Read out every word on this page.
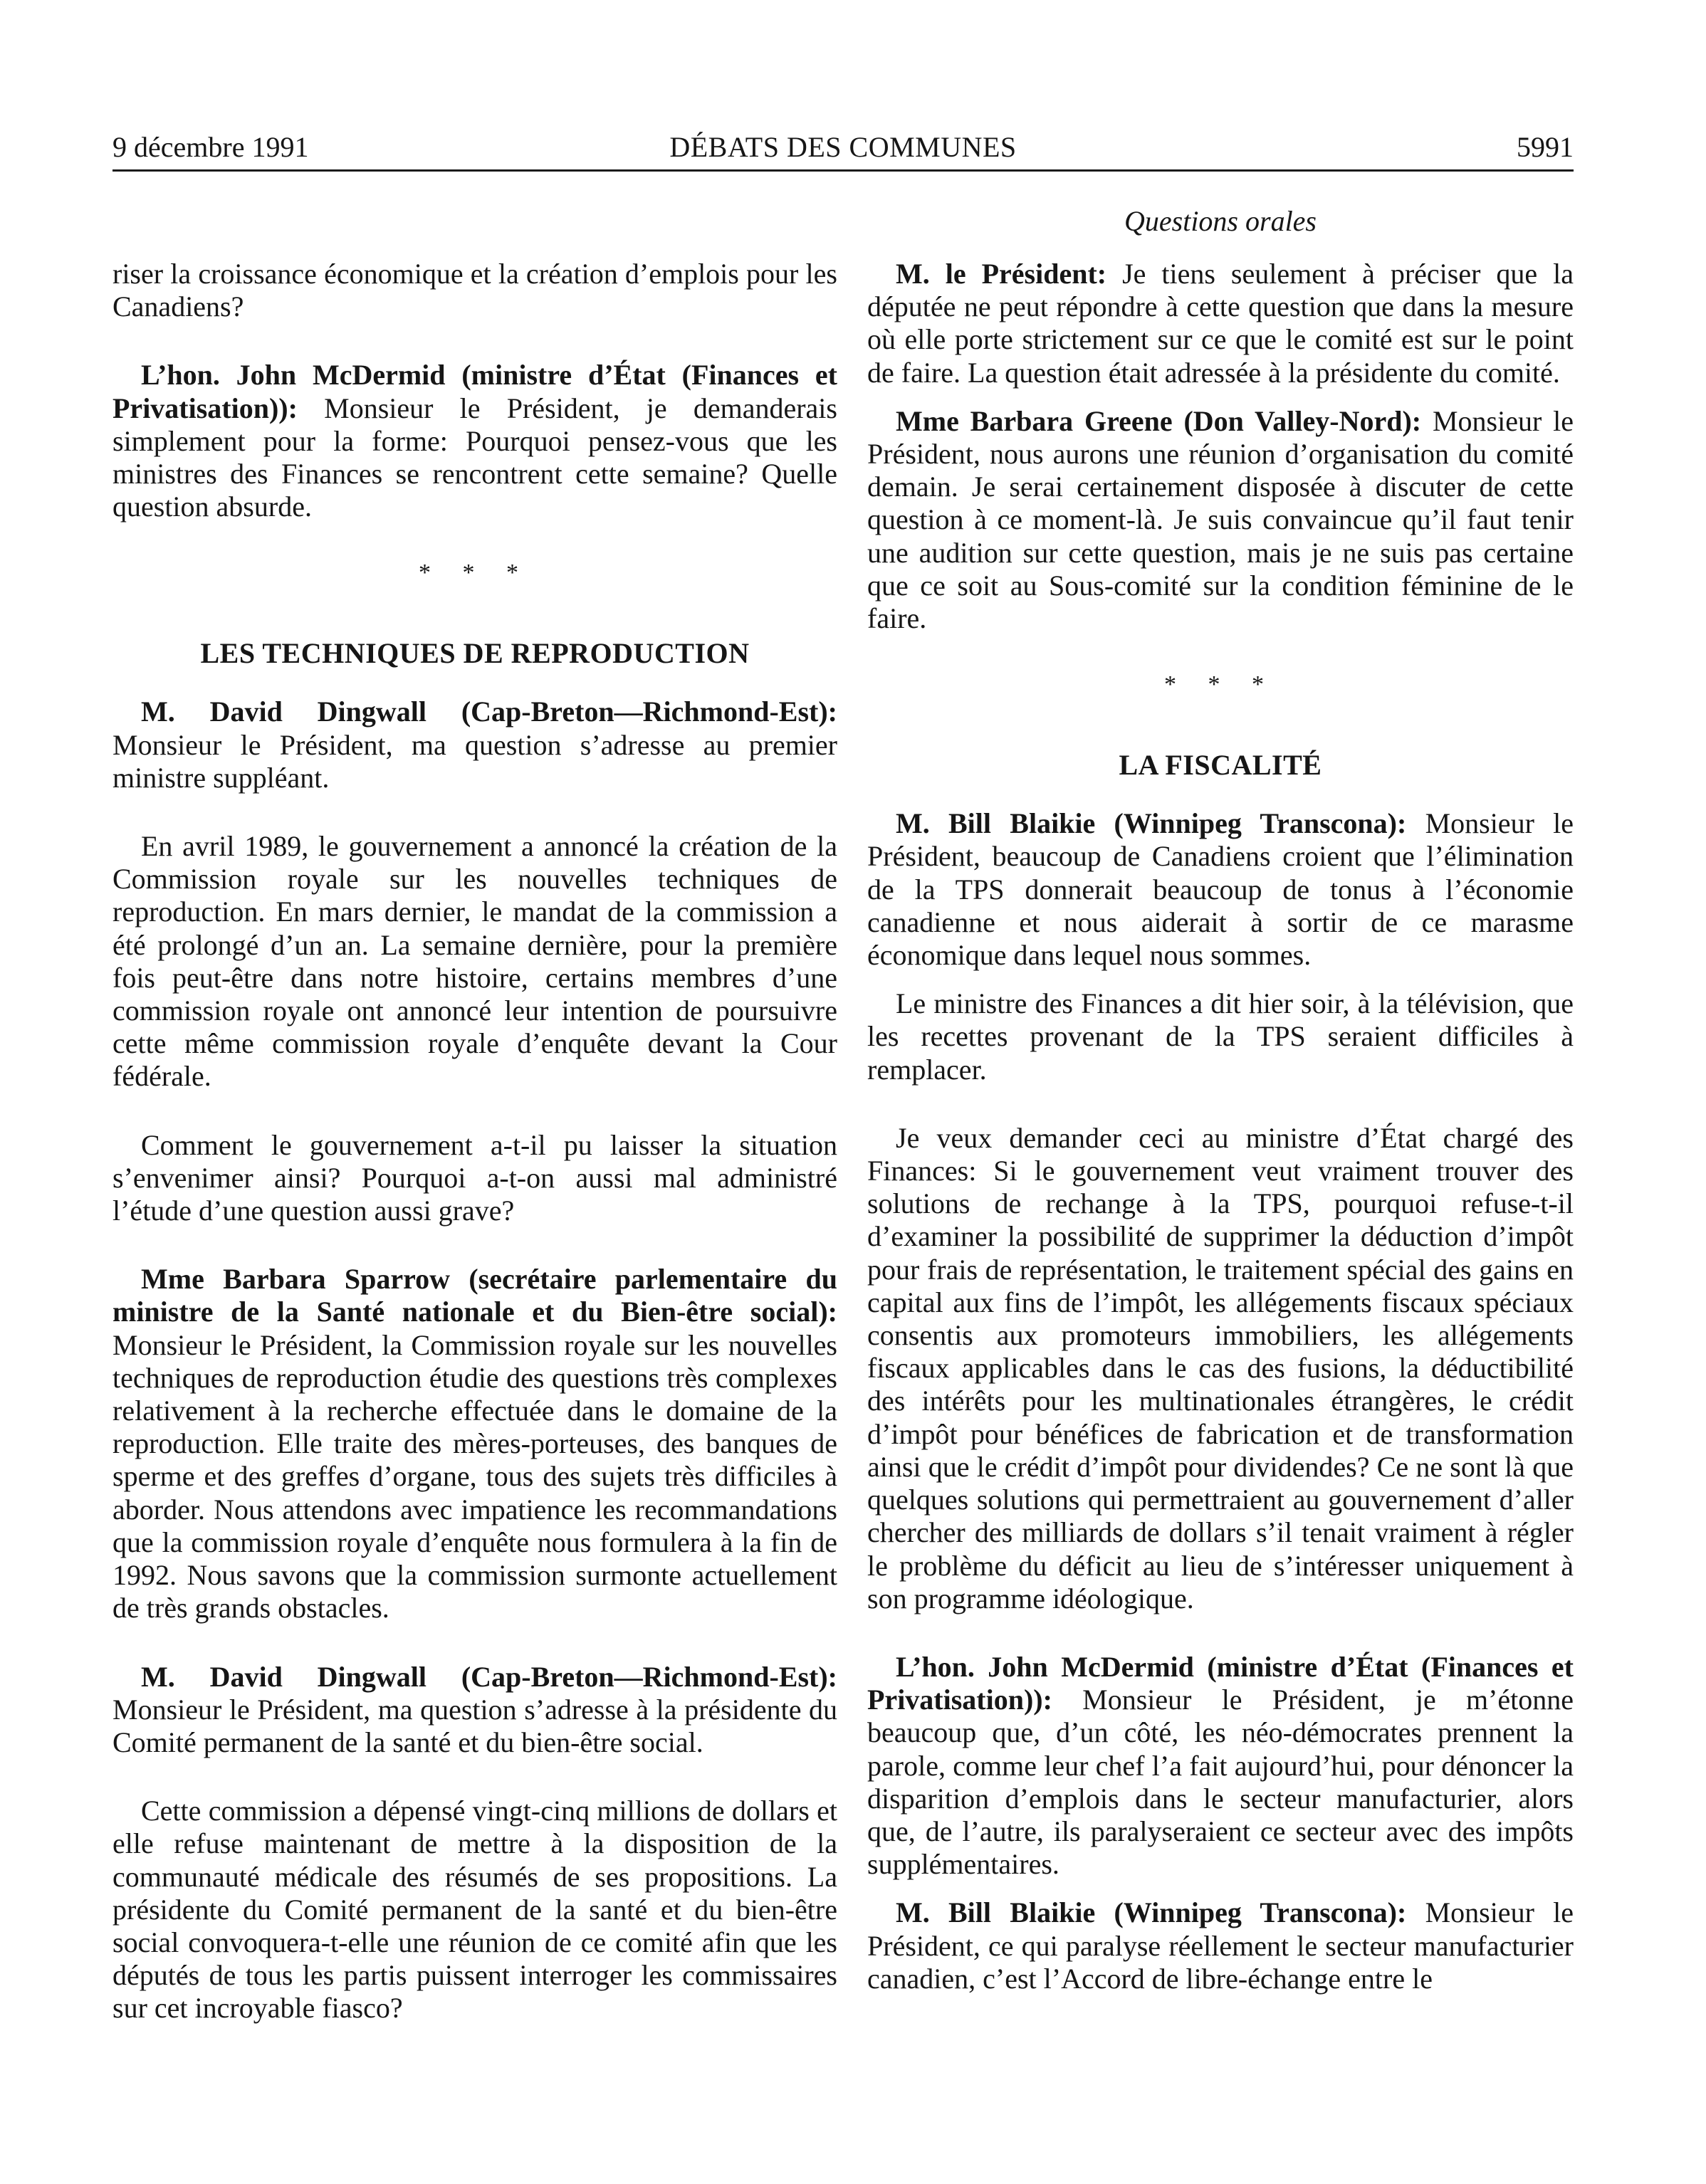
9 décembre 1991	DÉBATS DES COMMUNES	5991
Questions orales

riser la croissance économique et la création d’emplois pour les Canadiens?

L’hon. John McDermid (ministre d’État (Finances et Privatisation)): Monsieur le Président, je demanderais simplement pour la forme: Pourquoi pensez-vous que les ministres des Finances se rencontrent cette semaine? Quelle question absurde.

* * *
LES TECHNIQUES DE REPRODUCTION

M. David Dingwall (Cap-Breton—Richmond-Est): Monsieur le Président, ma question s’adresse au premier ministre suppléant.

En avril 1989, le gouvernement a annoncé la création de la Commission royale sur les nouvelles techniques de reproduction. En mars dernier, le mandat de la commission a été prolongé d’un an. La semaine dernière, pour la première fois peut-être dans notre histoire, certains membres d’une commission royale ont annoncé leur intention de poursuivre cette même commission royale d’enquête devant la Cour fédérale.

Comment le gouvernement a-t-il pu laisser la situation s’envenimer ainsi? Pourquoi a-t-on aussi mal administré l’étude d’une question aussi grave?

Mme Barbara Sparrow (secrétaire parlementaire du ministre de la Santé nationale et du Bien-être social): Monsieur le Président, la Commission royale sur les nouvelles techniques de reproduction étudie des questions très complexes relativement à la recherche effectuée dans le domaine de la reproduction. Elle traite des mères-porteuses, des banques de sperme et des greffes d’organe, tous des sujets très difficiles à aborder. Nous attendons avec impatience les recommandations que la commission royale d’enquête nous formulera à la fin de 1992. Nous savons que la commission surmonte actuellement de très grands obstacles.

M. David Dingwall (Cap-Breton—Richmond-Est): Monsieur le Président, ma question s’adresse à la présidente du Comité permanent de la santé et du bien-être social.

Cette commission a dépensé vingt-cinq millions de dollars et elle refuse maintenant de mettre à la disposition de la communauté médicale des résumés de ses propositions. La présidente du Comité permanent de la santé et du bien-être social convoquera-t-elle une réunion de ce comité afin que les députés de tous les partis puissent interroger les commissaires sur cet incroyable fiasco?

M. le Président: Je tiens seulement à préciser que la députée ne peut répondre à cette question que dans la mesure où elle porte strictement sur ce que le comité est sur le point de faire. La question était adressée à la présidente du comité.

Mme Barbara Greene (Don Valley-Nord): Monsieur le Président, nous aurons une réunion d’organisation du comité demain. Je serai certainement disposée à discuter de cette question à ce moment-là. Je suis convaincue qu’il faut tenir une audition sur cette question, mais je ne suis pas certaine que ce soit au Sous-comité sur la condition féminine de le faire.

* * *
LA FISCALITÉ

M. Bill Blaikie (Winnipeg Transcona): Monsieur le Président, beaucoup de Canadiens croient que l’élimination de la TPS donnerait beaucoup de tonus à l’économie canadienne et nous aiderait à sortir de ce marasme économique dans lequel nous sommes.

Le ministre des Finances a dit hier soir, à la télévision, que les recettes provenant de la TPS seraient difficiles à remplacer.

Je veux demander ceci au ministre d’État chargé des Finances: Si le gouvernement veut vraiment trouver des solutions de rechange à la TPS, pourquoi refuse-t-il d’examiner la possibilité de supprimer la déduction d’impôt pour frais de représentation, le traitement spécial des gains en capital aux fins de l’impôt, les allégements fiscaux spéciaux consentis aux promoteurs immobiliers, les allégements fiscaux applicables dans le cas des fusions, la déductibilité des intérêts pour les multinationales étrangères, le crédit d’impôt pour bénéfices de fabrication et de transformation ainsi que le crédit d’impôt pour dividendes? Ce ne sont là que quelques solutions qui permettraient au gouvernement d’aller chercher des milliards de dollars s’il tenait vraiment à régler le problème du déficit au lieu de s’intéresser uniquement à son programme idéologique.

L’hon. John McDermid (ministre d’État (Finances et Privatisation)): Monsieur le Président, je m’étonne beaucoup que, d’un côté, les néo-démocrates prennent la parole, comme leur chef l’a fait aujourd’hui, pour dénoncer la disparition d’emplois dans le secteur manufacturier, alors que, de l’autre, ils paralyseraient ce secteur avec des impôts supplémentaires.

M. Bill Blaikie (Winnipeg Transcona): Monsieur le Président, ce qui paralyse réellement le secteur manufacturier canadien, c’est l’Accord de libre-échange entre le
